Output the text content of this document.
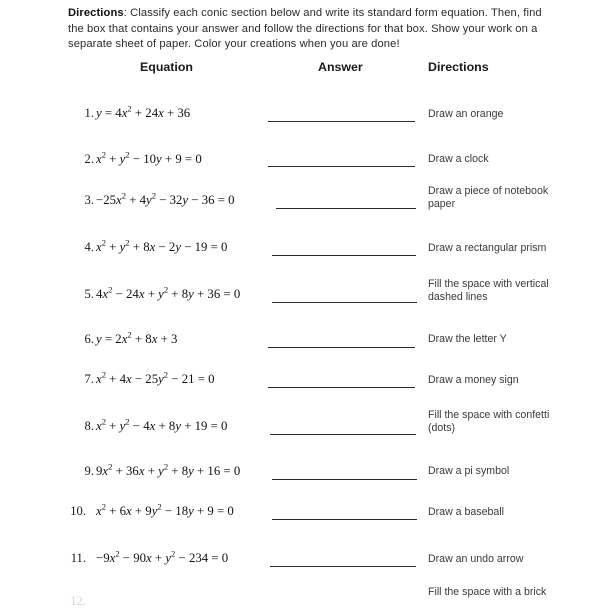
Directions: Classify each conic section below and write its standard form equation. Then, find the box that contains your answer and follow the directions for that box. Show your work on a separate sheet of paper. Color your creations when you are done!
Equation	Answer	Directions
1. $y = 4x^2 + 24x + 36$	Draw an orange
2. $x^2 + y^2 - 10y + 9 = 0$	Draw a clock
3. $-25x^2 + 4y^2 - 32y - 36 = 0$
Draw a piece of notebook paper
4. $x^2 + y^2 + 8x - 2y - 19 = 0$	Draw a rectangular prism
5. $4x^2 - 24x + y^2 + 8y + 36 = 0$
Fill the space with vertical dashed lines
6. $y = 2x^2 + 8x + 3$	Draw the letter Y
7. $x^2 + 4x - 25y^2 - 21 = 0$	Draw a money sign
8. $x^2 + y^2 - 4x + 8y + 19 = 0$
Fill the space with confetti (dots)
9. $9x^2 + 36x + y^2 + 8y + 16 = 0$	Draw a pi symbol
10. $x^2 + 6x + 9y^2 - 18y + 9 = 0$	Draw a baseball
11. $-9x^2 - 90x + y^2 - 234 = 0$	Draw an undo arrow
12.
Fill the space with a brick
